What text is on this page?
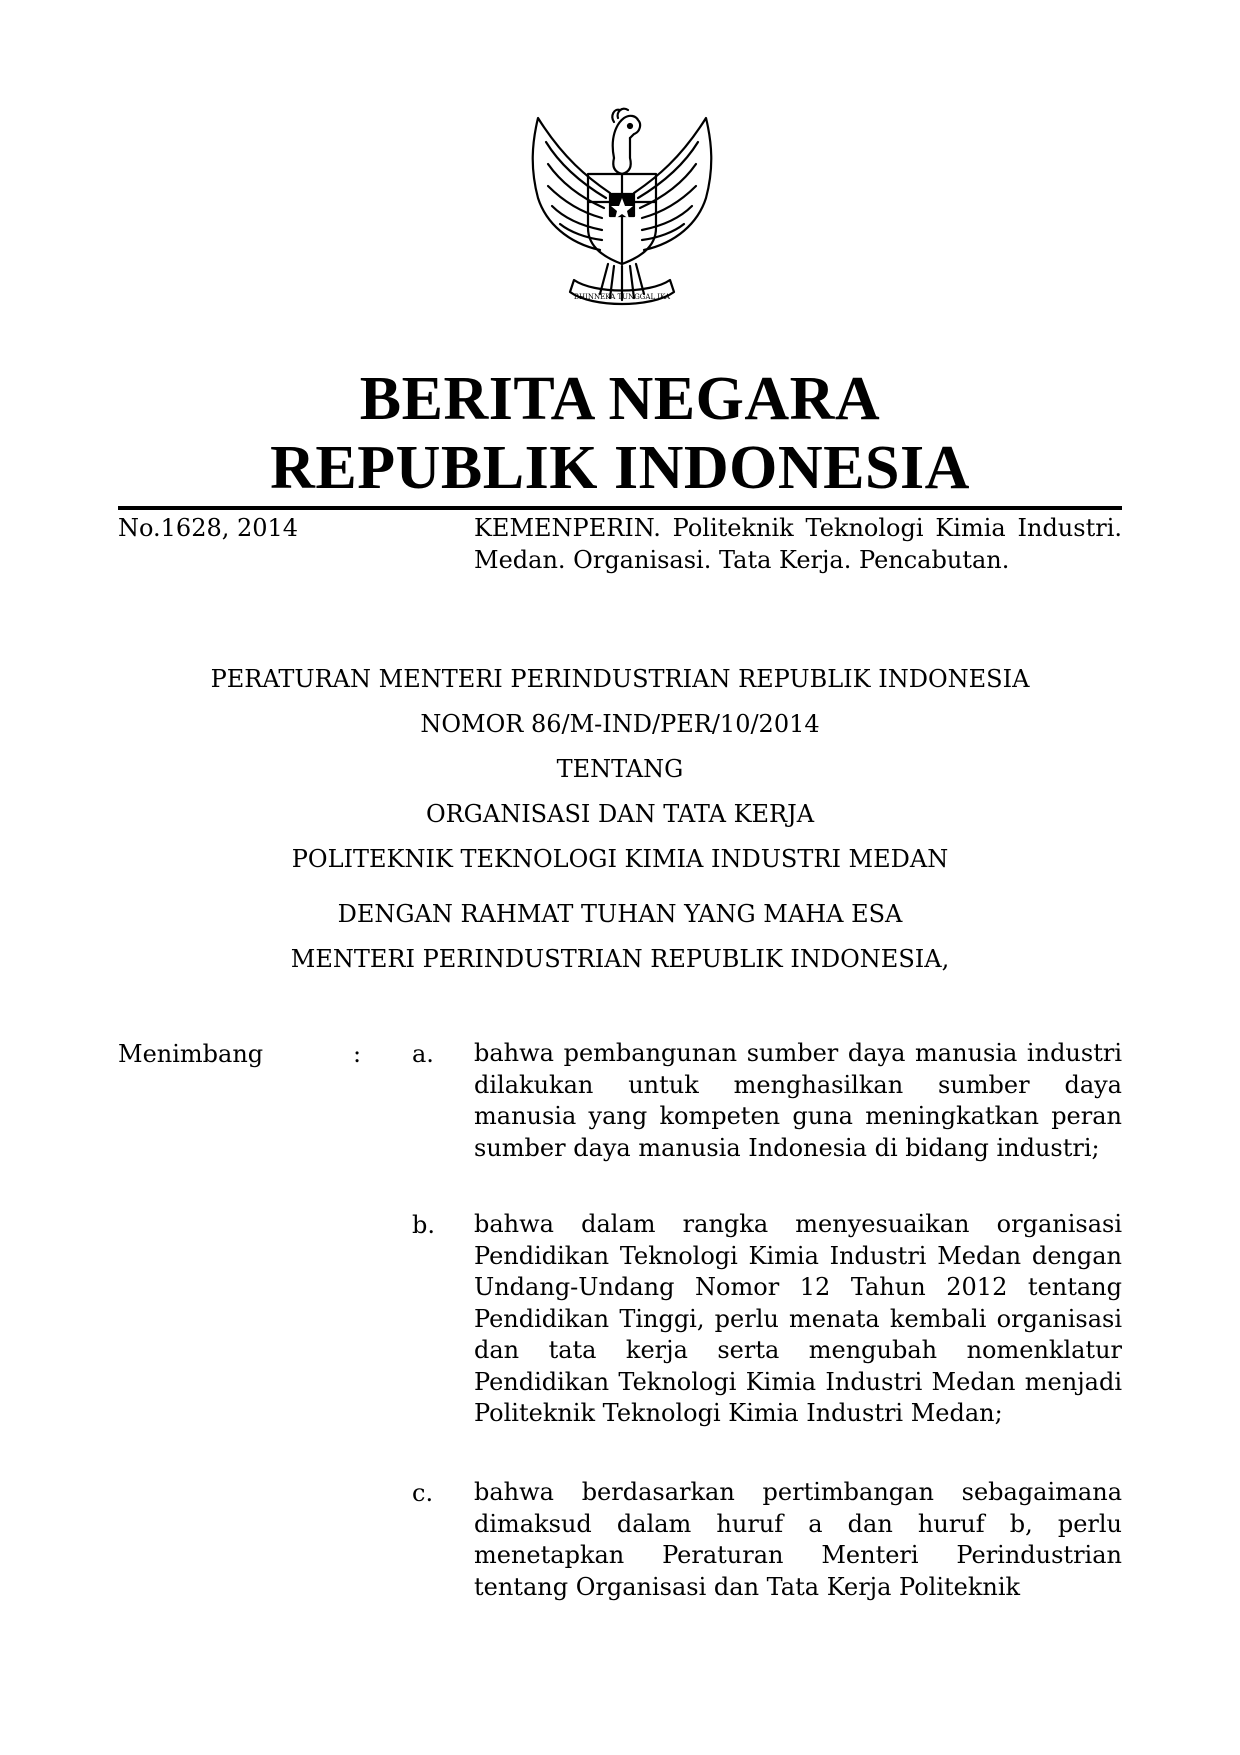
BHINNEKA TUNGGAL IKA
BERITA NEGARA
REPUBLIK INDONESIA
No.1628, 2014	KEMENPERIN. Politeknik Teknologi Kimia Industri. Medan. Organisasi. Tata Kerja. Pencabutan.
PERATURAN MENTERI PERINDUSTRIAN REPUBLIK INDONESIA
NOMOR 86/M-IND/PER/10/2014
TENTANG
ORGANISASI DAN TATA KERJA
POLITEKNIK TEKNOLOGI KIMIA INDUSTRI MEDAN
DENGAN RAHMAT TUHAN YANG MAHA ESA
MENTERI PERINDUSTRIAN REPUBLIK INDONESIA,
Menimbang	: a. bahwa pembangunan sumber daya manusia industri dilakukan untuk menghasilkan sumber daya manusia yang kompeten guna meningkatkan peran sumber daya manusia Indonesia di bidang industri;

b. bahwa dalam rangka menyesuaikan organisasi Pendidikan Teknologi Kimia Industri Medan dengan Undang-Undang Nomor 12 Tahun 2012 tentang Pendidikan Tinggi, perlu menata kembali organisasi dan tata kerja serta mengubah nomenklatur Pendidikan Teknologi Kimia Industri Medan menjadi Politeknik Teknologi Kimia Industri Medan;

c. bahwa berdasarkan pertimbangan sebagaimana dimaksud dalam huruf a dan huruf b, perlu menetapkan Peraturan Menteri Perindustrian tentang Organisasi dan Tata Kerja Politeknik
